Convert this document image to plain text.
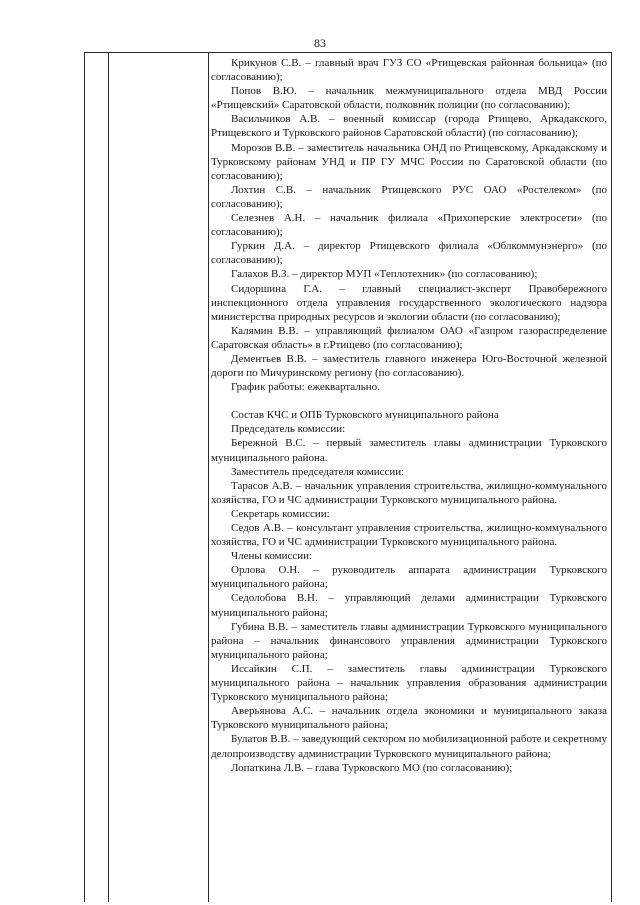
83

Крикунов С.В. – главный врач ГУЗ СО «Ртищевская районная больница» (по согласованию);

Попов В.Ю. – начальник межмуниципального отдела МВД России «Ртищевский» Саратовской области, полковник полиции (по согласованию);

Васильчиков А.В. – военный комиссар (города Ртищево, Аркадакского, Ртищевского и Турковского районов Саратовской области) (по согласованию);

Морозов В.В. – заместитель начальника ОНД по Ртищевскому, Аркадакскому и Турковскому районам УНД и ПР ГУ МЧС России по Саратовской области (по согласованию);

Лохтин С.В. – начальник Ртищевского РУС ОАО «Ростелеком» (по согласованию);

Селезнев А.Н. – начальник филиала «Прихоперские электросети» (по согласованию);

Гуркин Д.А. – директор Ртищевского филиала «Облкоммунэнерго» (по согласованию);

Галахов В.З. – директор МУП «Теплотехник» (по согласованию);

Сидоршина Г.А. – главный специалист-эксперт Правобережного инспекционного отдела управления государственного экологического надзора министерства природных ресурсов и экологии области (по согласованию);

Калямин В.В. – управляющий филиалом ОАО «Газпром газораспределение Саратовская область» в г.Ртищево (по согласованию);

Дементьев В.В. – заместитель главного инженера Юго-Восточной железной дороги по Мичуринскому региону (по согласованию).

График работы: ежеквартально.

Состав КЧС и ОПБ Турковского муниципального района

Председатель комиссии:

Бережной В.С. – первый заместитель главы администрации Турковского муниципального района.

Заместитель председателя комиссии:

Тарасов А.В. – начальник управления строительства, жилищно-коммунального хозяйства, ГО и ЧС администрации Турковского муниципального района.

Секретарь комиссии:

Седов А.В. – консультант управления строительства, жилищно-коммунального хозяйства, ГО и ЧС администрации Турковского муниципального района.

Члены комиссии:

Орлова О.Н. – руководитель аппарата администрации Турковского муниципального района;

Седолобова В.Н. – управляющий делами администрации Турковского муниципального района;

Губина В.В. – заместитель главы администрации Турковского муниципального района – начальник финансового управления администрации Турковского муниципального района;

Иссайкин С.П. – заместитель главы администрации Турковского муниципального района – начальник управления образования администрации Турковского муниципального района;

Аверьянова А.С. – начальник отдела экономики и муниципального заказа Турковского муниципального района;

Булатов В.В. – заведующий сектором по мобилизационной работе и секретному делопроизводству администрации Турковского муниципального района;

Лопаткина Л.В. – глава Турковского МО (по согласованию);
